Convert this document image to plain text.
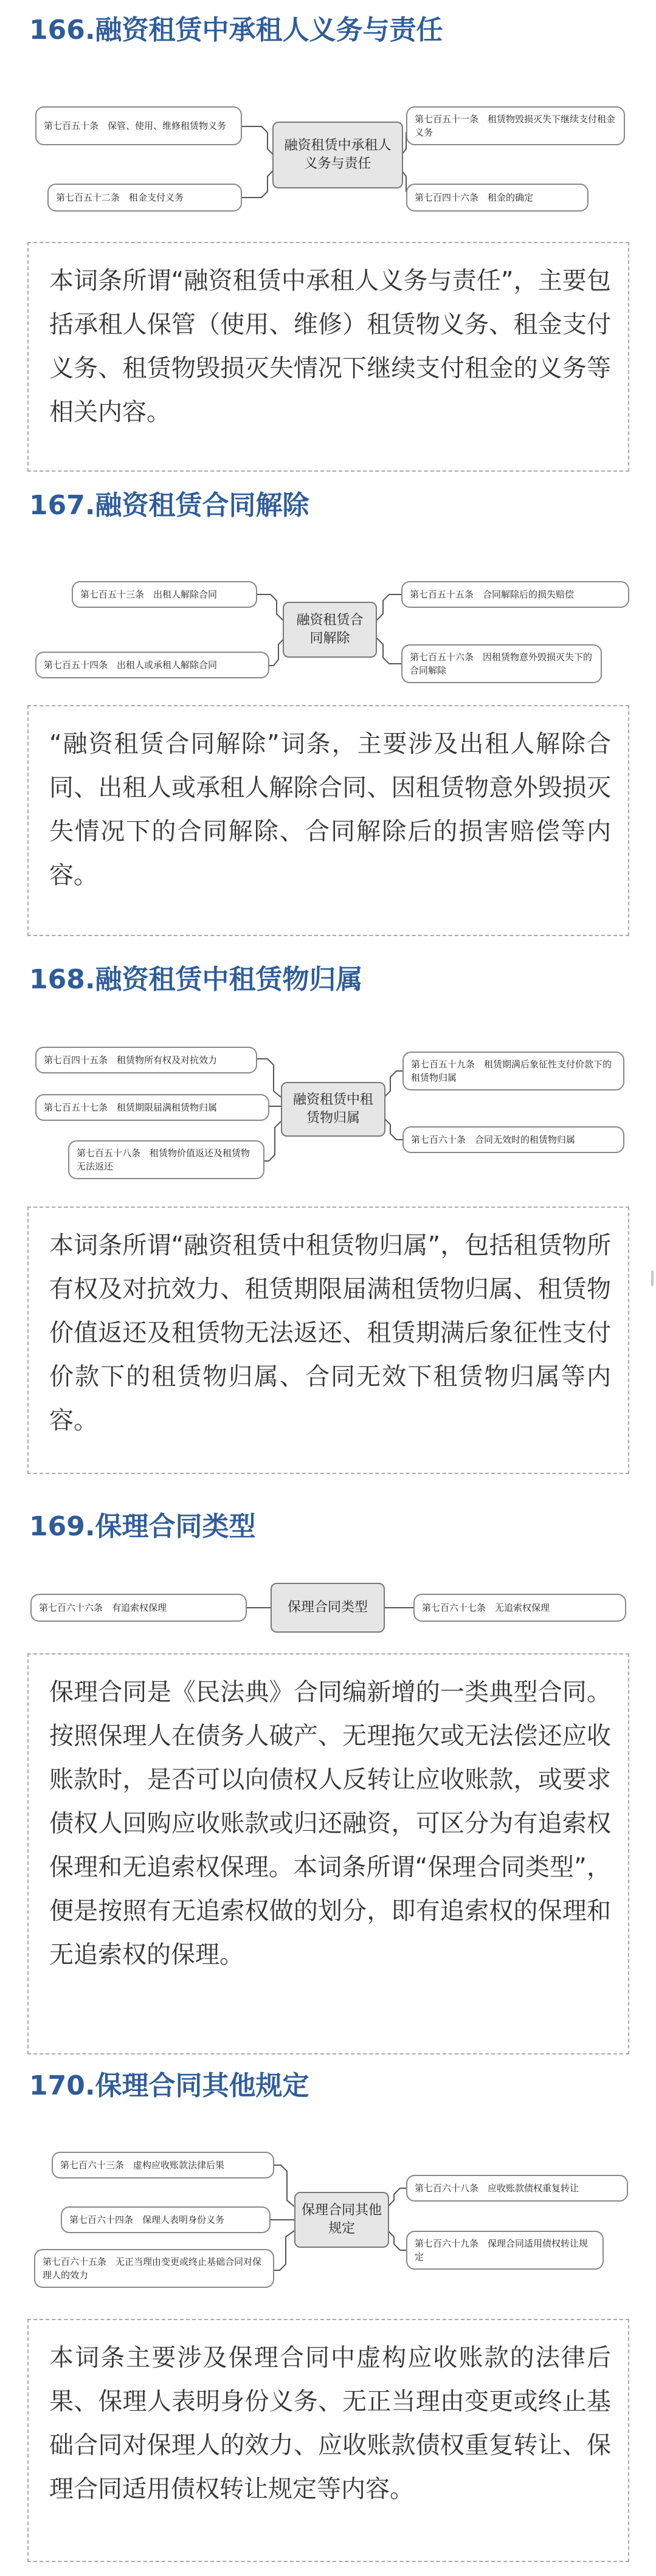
166.融资租赁中承租人义务与责任
融资租赁中承租人义务与责任
第七百五十条　保管、使用、维修租赁物义务
第七百五十二条　租金支付义务
第七百五十一条　租赁物毁损灭失下继续支付租金义务
第七百四十六条　租金的确定
本词条所谓“融资租赁中承租人义务与责任”，主要包括承租人保管（使用、维修）租赁物义务、租金支付义务、租赁物毁损灭失情况下继续支付租金的义务等相关内容。
167.融资租赁合同解除
融资租赁合同解除
第七百五十三条　出租人解除合同
第七百五十四条　出租人或承租人解除合同
第七百五十五条　合同解除后的损失赔偿
第七百五十六条　因租赁物意外毁损灭失下的合同解除
“融资租赁合同解除”词条，主要涉及出租人解除合同、出租人或承租人解除合同、因租赁物意外毁损灭失情况下的合同解除、合同解除后的损害赔偿等内容。
168.融资租赁中租赁物归属
融资租赁中租赁物归属
第七百四十五条　租赁物所有权及对抗效力
第七百五十七条　租赁期限届满租赁物归属
第七百五十八条　租赁物价值返还及租赁物无法返还
第七百五十九条　租赁期满后象征性支付价款下的租赁物归属
第七百六十条　合同无效时的租赁物归属
本词条所谓“融资租赁中租赁物归属”，包括租赁物所有权及对抗效力、租赁期限届满租赁物归属、租赁物价值返还及租赁物无法返还、租赁期满后象征性支付价款下的租赁物归属、合同无效下租赁物归属等内容。
169.保理合同类型
保理合同类型
第七百六十六条　有追索权保理	第七百六十七条　无追索权保理
保理合同是《民法典》合同编新增的一类典型合同。按照保理人在债务人破产、无理拖欠或无法偿还应收账款时，是否可以向债权人反转让应收账款，或要求债权人回购应收账款或归还融资，可区分为有追索权保理和无追索权保理。本词条所谓“保理合同类型”，便是按照有无追索权做的划分，即有追索权的保理和无追索权的保理。
170.保理合同其他规定
保理合同其他规定
第七百六十三条　虚构应收账款法律后果
第七百六十四条　保理人表明身份义务
第七百六十五条　无正当理由变更或终止基础合同对保理人的效力
第七百六十八条　应收账款债权重复转让
第七百六十九条　保理合同适用债权转让规定
本词条主要涉及保理合同中虚构应收账款的法律后果、保理人表明身份义务、无正当理由变更或终止基础合同对保理人的效力、应收账款债权重复转让、保理合同适用债权转让规定等内容。
